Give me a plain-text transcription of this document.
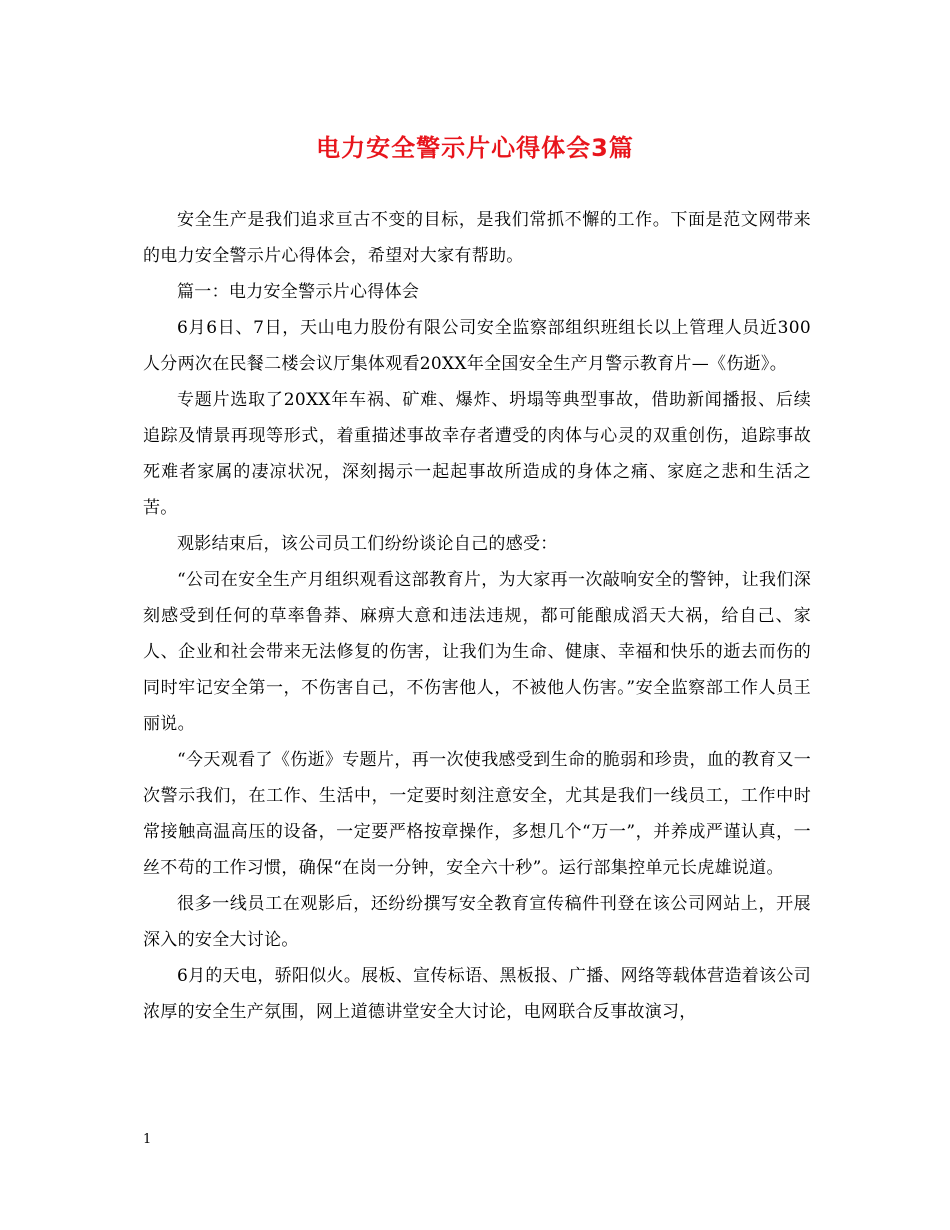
电力安全警示片心得体会3篇

安全生产是我们追求亘古不变的目标，是我们常抓不懈的工作。下面是范文网带来的电力安全警示片心得体会，希望对大家有帮助。

篇一：电力安全警示片心得体会

6月6日、7日，天山电力股份有限公司安全监察部组织班组长以上管理人员近300人分两次在民餐二楼会议厅集体观看20XX年全国安全生产月警示教育片—《伤逝》。

专题片选取了20XX年车祸、矿难、爆炸、坍塌等典型事故，借助新闻播报、后续追踪及情景再现等形式，着重描述事故幸存者遭受的肉体与心灵的双重创伤，追踪事故死难者家属的凄凉状况，深刻揭示一起起事故所造成的身体之痛、家庭之悲和生活之苦。

观影结束后，该公司员工们纷纷谈论自己的感受：

“公司在安全生产月组织观看这部教育片，为大家再一次敲响安全的警钟，让我们深刻感受到任何的草率鲁莽、麻痹大意和违法违规，都可能酿成滔天大祸，给自己、家人、企业和社会带来无法修复的伤害，让我们为生命、健康、幸福和快乐的逝去而伤的同时牢记安全第一，不伤害自己，不伤害他人，不被他人伤害。”安全监察部工作人员王丽说。

“今天观看了《伤逝》专题片，再一次使我感受到生命的脆弱和珍贵，血的教育又一次警示我们，在工作、生活中，一定要时刻注意安全，尤其是我们一线员工，工作中时常接触高温高压的设备，一定要严格按章操作，多想几个“万一”，并养成严谨认真，一丝不苟的工作习惯，确保“在岗一分钟，安全六十秒”。运行部集控单元长虎雄说道。

很多一线员工在观影后，还纷纷撰写安全教育宣传稿件刊登在该公司网站上，开展深入的安全大讨论。

6月的天电，骄阳似火。展板、宣传标语、黑板报、广播、网络等载体营造着该公司浓厚的安全生产氛围，网上道德讲堂安全大讨论，电网联合反事故演习，

1
